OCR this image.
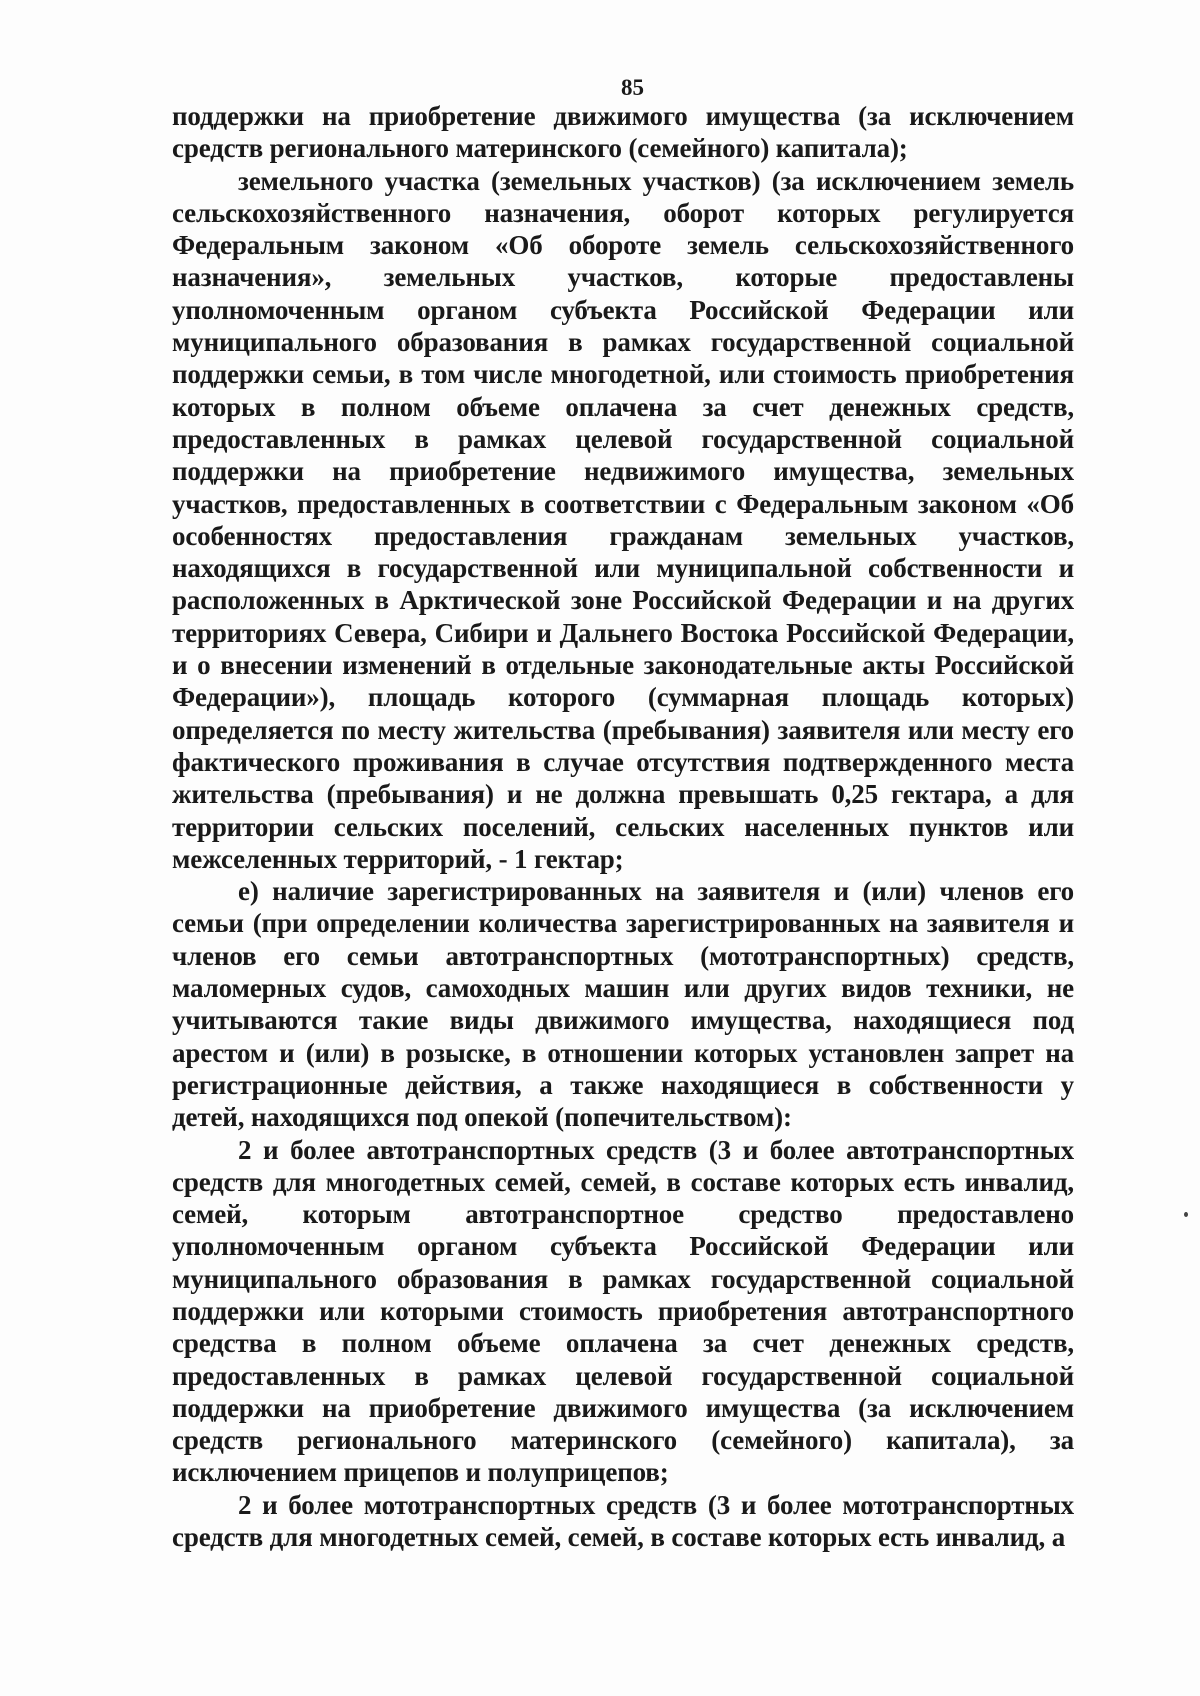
85

поддержки на приобретение движимого имущества (за исключением средств регионального материнского (семейного) капитала);

земельного участка (земельных участков) (за исключением земель сельскохозяйственного назначения, оборот которых регулируется Федеральным законом «Об обороте земель сельскохозяйственного назначения», земельных участков, которые предоставлены уполномоченным органом субъекта Российской Федерации или муниципального образования в рамках государственной социальной поддержки семьи, в том числе многодетной, или стоимость приобретения которых в полном объеме оплачена за счет денежных средств, предоставленных в рамках целевой государственной социальной поддержки на приобретение недвижимого имущества, земельных участков, предоставленных в соответствии с Федеральным законом «Об особенностях предоставления гражданам земельных участков, находящихся в государственной или муниципальной собственности и расположенных в Арктической зоне Российской Федерации и на других территориях Севера, Сибири и Дальнего Востока Российской Федерации, и о внесении изменений в отдельные законодательные акты Российской Федерации»), площадь которого (суммарная площадь которых) определяется по месту жительства (пребывания) заявителя или месту его фактического проживания в случае отсутствия подтвержденного места жительства (пребывания) и не должна превышать 0,25 гектара, а для территории сельских поселений, сельских населенных пунктов или межселенных территорий, - 1 гектар;

е) наличие зарегистрированных на заявителя и (или) членов его семьи (при определении количества зарегистрированных на заявителя и членов его семьи автотранспортных (мототранспортных) средств, маломерных судов, самоходных машин или других видов техники, не учитываются такие виды движимого имущества, находящиеся под арестом и (или) в розыске, в отношении которых установлен запрет на регистрационные действия, а также находящиеся в собственности у детей, находящихся под опекой (попечительством):

2 и более автотранспортных средств (3 и более автотранспортных средств для многодетных семей, семей, в составе которых есть инвалид, семей, которым автотранспортное средство предоставлено уполномоченным органом субъекта Российской Федерации или муниципального образования в рамках государственной социальной поддержки или которыми стоимость приобретения автотранспортного средства в полном объеме оплачена за счет денежных средств, предоставленных в рамках целевой государственной социальной поддержки на приобретение движимого имущества (за исключением средств регионального материнского (семейного) капитала), за исключением прицепов и полуприцепов;

2 и более мототранспортных средств (3 и более мототранспортных средств для многодетных семей, семей, в составе которых есть инвалид, а
